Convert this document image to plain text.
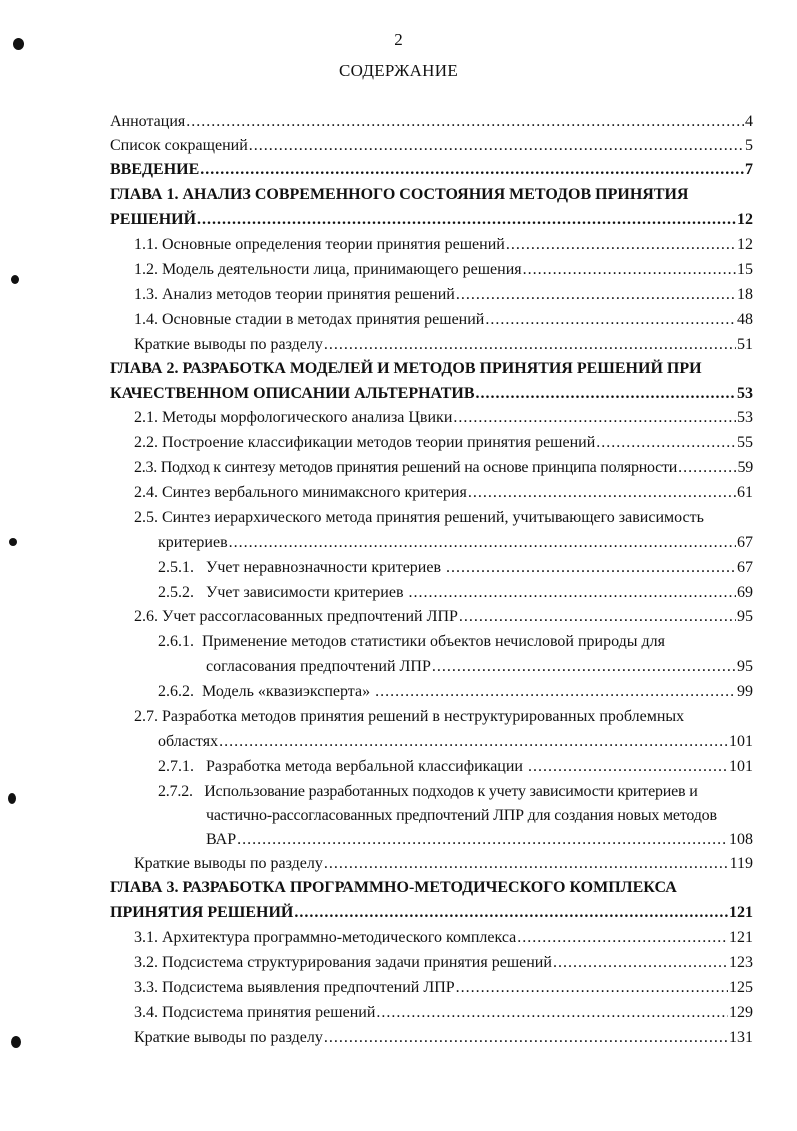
2
СОДЕРЖАНИЕ
Аннотация .....	4
Список сокращений .....	5
ВВЕДЕНИЕ .....	7
ГЛАВА 1. АНАЛИЗ СОВРЕМЕННОГО СОСТОЯНИЯ МЕТОДОВ ПРИНЯТИЯ
РЕШЕНИЙ .....	12
1.1. Основные определения теории принятия решений .....	12
1.2. Модель деятельности лица, принимающего решения .....	15
1.3. Анализ методов теории принятия решений .....	18
1.4. Основные стадии в методах принятия решений .....	48
Краткие выводы по разделу .....	51
ГЛАВА 2. РАЗРАБОТКА МОДЕЛЕЙ И МЕТОДОВ ПРИНЯТИЯ РЕШЕНИЙ ПРИ
КАЧЕСТВЕННОМ ОПИСАНИИ АЛЬТЕРНАТИВ .....	53
2.1. Методы морфологического анализа Цвики .....	53
2.2. Построение классификации методов теории принятия решений .....	55
2.3. Подход к синтезу методов принятия решений на основе принципа полярности .....	59
2.4. Синтез вербального минимаксного критерия .....	61
2.5. Синтез иерархического метода принятия решений, учитывающего зависимость
критериев .....	67
2.5.1.   Учет неравнозначности критериев .....	67
2.5.2.   Учет зависимости критериев .....	69
2.6. Учет рассогласованных предпочтений ЛПР .....	95
2.6.1.  Применение методов статистики объектов нечисловой природы для
согласования предпочтений ЛПР .....	95
2.6.2.  Модель «квазиэксперта» .....	99
2.7. Разработка методов принятия решений в неструктурированных проблемных
областях .....	101
2.7.1.   Разработка метода вербальной классификации .....	101
2.7.2.   Использование разработанных подходов к учету зависимости критериев и
частично-рассогласованных предпочтений ЛПР для создания новых методов
ВАР .....	108
Краткие выводы по разделу .....	119
ГЛАВА 3. РАЗРАБОТКА ПРОГРАММНО-МЕТОДИЧЕСКОГО КОМПЛЕКСА
ПРИНЯТИЯ РЕШЕНИЙ .....	121
3.1. Архитектура программно-методического комплекса .....	121
3.2. Подсистема структурирования задачи принятия решений .....	123
3.3. Подсистема выявления предпочтений ЛПР .....	125
3.4. Подсистема принятия решений .....	129
Краткие выводы по разделу .....	131
